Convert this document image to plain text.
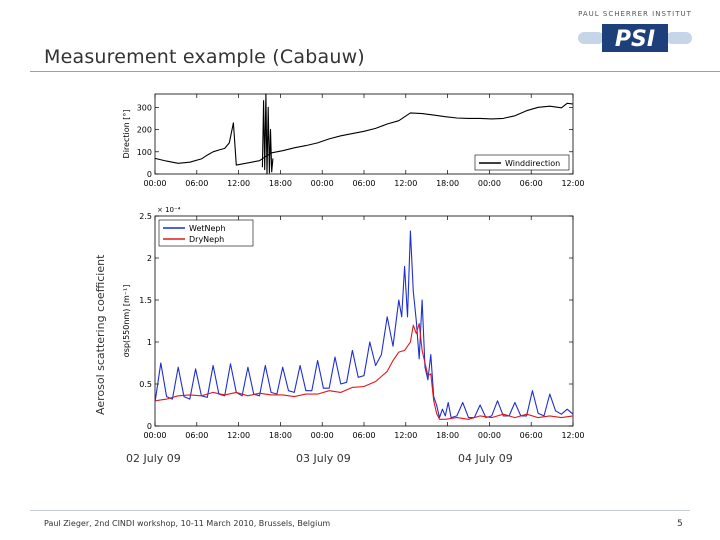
Measurement example (Cabauw)
PAUL SCHERRER INSTITUT
PSI
Aerosol scattering coefficient
0
100
200
300
00:00 06:00 12:00 18:00 00:00 06:00 12:00 18:00 00:00 06:00 12:00
Direction [°]
Winddirection
0
0.5
1
1.5
2
2.5
00:00 06:00 12:00 18:00 00:00 06:00 12:00 18:00 00:00 06:00 12:00
σsp(550nm) [m⁻¹]
× 10⁻⁴
WetNeph
DryNeph
02 July 09	03 July 09	04 July 09
Paul Zieger, 2nd CINDI workshop, 10-11 March 2010, Brussels, Belgium	5
